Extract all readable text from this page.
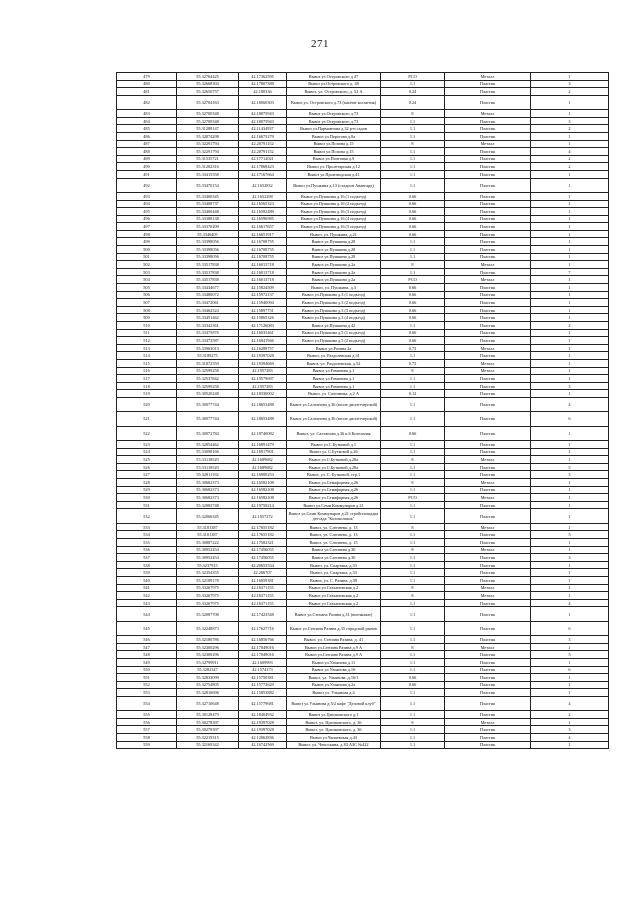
271
479	55.32764425	42.17362595	Вывоз ул Островского д 47	РСО	Металл	1
480	55.32668304	42.17807388	Вывоз ул.Островского д. 48	1.1	Пластик	3
481	55.32650757	42.180336	Вывоз, ул. Островского, д. 52 А	0.24	Пластик	2
482	55.32704163	42.18060303	Вывоз ул. Островского д.73 (магнит косметик)	0.24	Пластик	1
483	55.32700348	42.18075943	Вывоз ул.Островского д.73	8	Металл	1
484	55.32700348	42.18075943	Вывоз ул.Островского д.73	1.1	Пластик	3
485	55.31288147	42.11434937	Вывоз ул.Пармонтова д.32 р-н садов	1.1	Пластик	2
486	55.32874298	42.16673279	Вывоз ул.Перогова д.8а	1.1	Пластик	1
487	55.32291794	42.20791152	Вывоз ул.Попова д.15	8	Металл	1
488	55.32291794	42.20791152	Вывоз ул.Попова д.15	1.1	Пластик	4
489	55.31535721	42.17712021	Вывоз ул.Почтовая д.9	1.1	Пластик	2
490	55.31202316	42.17868423	Вывоз ул. Пролетарская д.12	1.1	Пластик	2
491	55.33415558	42.17167664	Вывоз ул.Производская д.41	1.1	Пластик	1
492	55.33470154	42.1652832	Вывоз ул.Пушкина д.13 (стадион Авангард)	1.1	Пластик	1
493	55.33400345	42.1652298	Вывоз ул.Пушкина д.16 (1 подъезд)	0.66	Пластик	1
494	55.33408737	42.16565323	Вывоз ул.Пушкина д.16 (2 подъезд)	0.66	Пластик	1
495	55.33400448	42.16582489	Вывоз ул.Пушкина д.16 (3 подъезд)	0.66	Пластик	1
496	55.33388138	42.16596985	Вывоз ул.Пушкина д.16 (4 подъезд)	0.66	Пластик	1
497	55.33370209	42.16617657	Вывоз ул.Пушкина д.16 (5 подъезд)	0.66	Пластик	1
498	55.3346405	42.16651917	Вывоз, ул. Пушкина, д.21	0.66	Пластик	1
499	55.33398056	42.16708755	Вывоз ул.Пушкина д.28	1.1	Пластик	1
500	55.33398056	42.16708755	Вывоз ул.Пушкина д.28	1.1	Пластик	1
501	55.33398056	42.16708755	Вывоз ул.Пушкина д.28	1.1	Пластик	1
502	55.33517838	42.16013718	Вывоз ул.Пушкина д.2а	8	Металл	1
503	55.33517838	42.16013718	Вывоз ул.Пушкина д.2а	1.1	Пластик	7
504	55.33517838	42.16013718	Вывоз ул.Пушкина д.2а	РСО	Металл	1
505	55.33434677	42.15824509	Вывоз, ул. Пушкина, д.3	0.66	Пластик	1
506	55.33480072	42.15972137	Вывоз ул.Пушкина д.3 (1 подъезд)	0.66	Пластик	1
507	55.33472061	42.15940094	Вывоз ул.Пушкина д.3 (2 подъезд)	0.66	Пластик	1
508	55.33462524	42.15897751	Вывоз ул.Пушкина д.3 (3 подъезд)	0.66	Пластик	1
509	55.33451462	42.15865326	Вывоз ул.Пушкина д.3 (4 подъезд)	0.66	Пластик	1
510	55.33342361	42.17126083	Вывоз ул.Пушкина д.42	1.1	Пластик	2
511	55.33475876	42.16035461	Вывоз ул.Пушкина д.5 (1 подъезд)	0.66	Пластик	1
512	55.33473587	42.16041946	Вывоз ул.Пушкина д.5 (2 подъезд)	0.66	Пластик	1
513	55.33963013	42.16288757	Вывоз ул Разина 2а	0.75	Металл	1
514	55.3189275	42.19397028	Вывоз, ул. Раздолевская д.31	1.1	Пластик	1
515	55.31872559	42.19394669	Вывоз, ул. Раздолевская, д.52	0.75	Металл	1
516	55.32599258	42.1957283	Вывоз ул.Романова д.1	8	Металл	1
517	55.32537842	42.19579697	Вывоз ул.Романова д.1	1.1	Пластик	1
518	55.32599258	42.1957283	Вывоз ул.Романова д.1	1.1	Пластик	3
519	55.30520248	42.18330002	Вывоз, ул. Салтанова, д.2 А	0.12	Пластик	1
520	55.30077744	42.18653488	Вывоз ул.Салтанова д.36 (возле диспетчерской)	1.1	Пластик	4
521	55.30077744	42.18653488	Вывоз ул.Салтанова д.36 (возле диспетчерской)	1.1	Пластик	6
522	55.30072784	42.18740082	Вывоз, ул. Салтанова д.36 к.6 Котельная	0.66	Пластик	1
523	55.32854462	42.16891479	Вывоз ул.С.Бутковой д.1	1.1	Пластик	1
524	55.33098166	42.16917801	Вывоз ул. С.Бутковой д.26	1.1	Пластик	1
525	55.33118529	42.1689682	Вывоз ул.С.Бутковой д.28а	8	Металл	1
526	55.33118529	42.1689682	Вывоз ул.С.Бутковой д.28а	1.1	Пластик	5
527	55.32811192	42.16900253	Вывоз, ул. С. Бутковой, стр.1	1.1	Пластик	3
528	55.30682373	42.16582108	Вывоз ул.Семафорная д.26	8	Металл	1
529	55.30682373	42.16582108	Вывоз ул.Семафорная д.26	1.1	Пластик	1
530	55.30682373	42.16582108	Вывоз ул.Семафорная д.26	РСО	Металл	1
531	55.32082748	42.19750214	Вывоз ул.Семи Коммунаров д.21	1.1	Пластик	1
532	55.32066345	42.1957272	Вывоз ул.Семи Коммунаров д.21 стройплощадка детсада "Колокольчик"	1.1	Пластик	1
533	55.3101387	42.17655182	Вывоз, ул. Слепнева, д. 13	8	Металл	1
534	55.3101387	42.17655182	Вывоз, ул. Слепнева, д. 13	1.1	Пластик	5
535	55.30887222	42.17582321	Вывоз, ул. Слепнева, д. 15	1.1	Пластик	1
536	55.30952454	42.17456055	Вывоз ул.Слепнева д.30	8	Металл	1
537	55.30952454	42.17456055	Вывоз ул.Слепнева д.30	1.1	Пластик	3
538	55.3237915	42.20653534	Вывоз, ул. Спартака, д.33	1.1	Пластик	1
539	55.32354355	42.206707	Вывоз, ул. Спартака, д.33	1.1	Пластик	1
540	55.32189178	42.16959381	Вывоз, ул. С. Разина, д.39	1.1	Пластик	1
541	55.33267975	42.16371155	Вывоз ул.Стахановская д.2	8	Металл	1
542	55.33267975	42.16371155	Вывоз ул.Стахановская д.2	8	Металл	1
543	55.33267975	42.16371155	Вывоз ул.Стахановская д.2	1.1	Пластик	4
544	55.32087708	42.17423548	Вывоз ул.Степана Разина д.31 (военкомат)	1.1	Пластик	1
545	55.32248873	42.17627716	Вывоз ул.Степана Разина д.35 городской рынок	1.1	Пластик	6
546	55.32180786	42.16856766	Вывоз, ул. Степана Разина, д. 41	1.1	Пластик	3
547	55.32300296	42.17049016	Вывоз ул.Степана Разина д.9 А	8	Металл	1
548	55.32300296	42.17049016	Вывоз ул.Степана Разина д.9 А	1.1	Пластик	5
549	55.32799911	42.1609993	Вывоз ул.Ульянова д.11	1.1	Пластик	1
550	55.3282347	42.1574173	Вывоз ул.Ульянова д.16	1.1	Пластик	6
551	55.32833099	42.15750381	Вывоз, ул. Ульянова, д.16/1	0.66	Пластик	1
552	55.32754805	42.15772629	Вывоз ул.Ульянова д.2а	0.66	Пластик	1
553	55.32816696	42.15853882	Вывоз ул. Ульянова д.4	1.1	Пластик	1
554	55.32710648	42.15779681	Вывоз ул.Ульянова д.5/2 кафе "Деловой клуб"	1.1	Пластик	4
555	55.30128479	42.18404932	Вывоз ул.Циолковского д.1	1.1	Пластик	2
556	55.30278397	42.19397028	Вывоз, ул. Циолковского, д. 36	8	Металл	1
557	55.30278397	42.19397028	Вывоз, ул. Циолковского, д. 36	1.1	Пластик	3
558	55.32219315	42.12062836	Вывоз ул.Чапаевская д.43	1.1	Пластик	4
559	55.32169342	42.16742569	Вывоз, ул. Чепоскина, д.83 АЗС №422	1.1	Пластик	1
